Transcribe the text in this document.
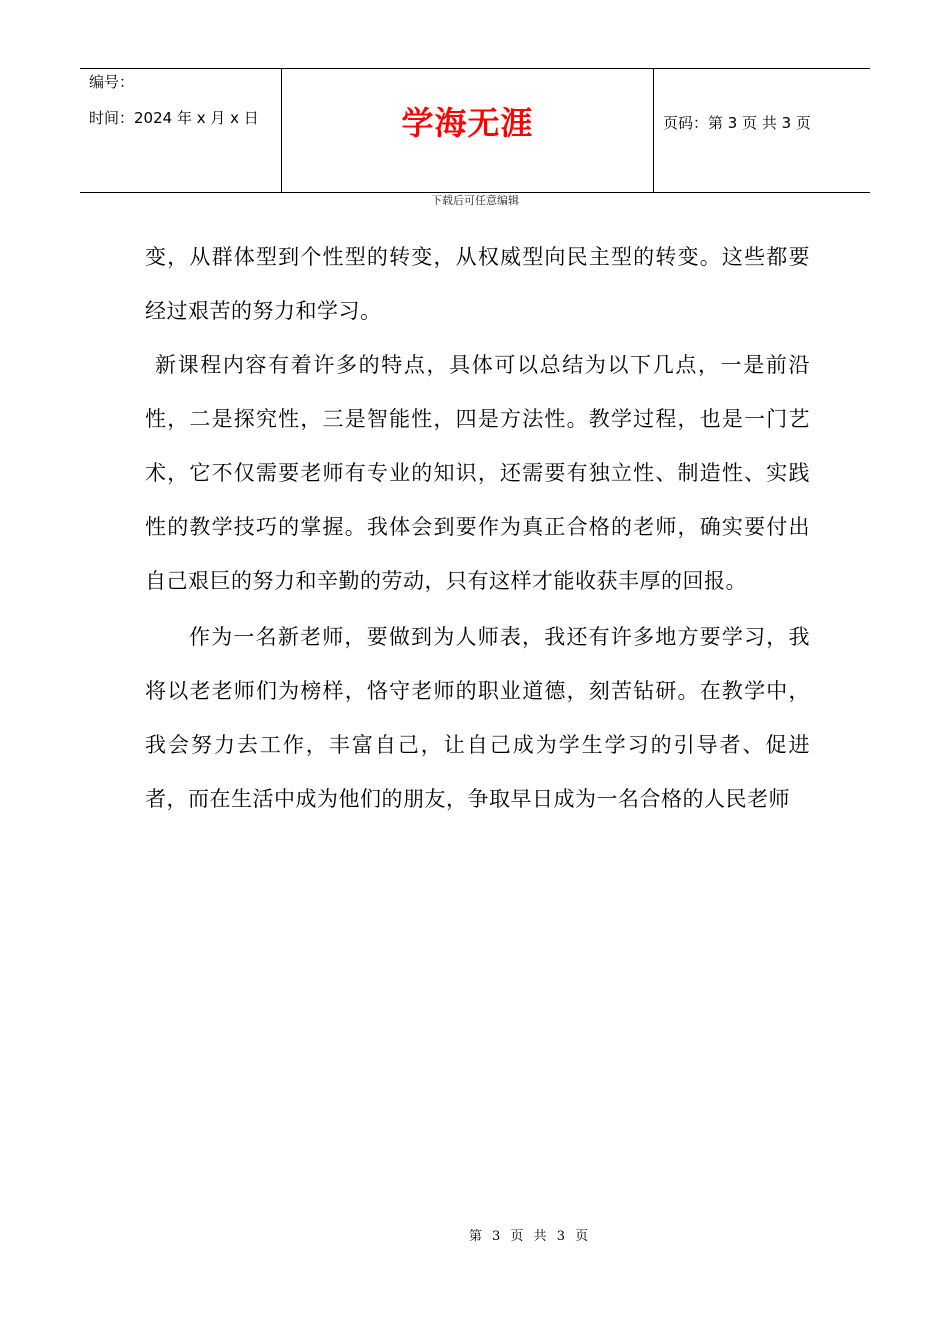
编号：
时间：2024 年 x 月 x 日	学海无涯	页码：第 3 页 共 3 页
下载后可任意编辑

变，从群体型到个性型的转变，从权威型向民主型的转变。这些都要经过艰苦的努力和学习。

新课程内容有着许多的特点，具体可以总结为以下几点，一是前沿性，二是探究性，三是智能性，四是方法性。教学过程，也是一门艺术，它不仅需要老师有专业的知识，还需要有独立性、制造性、实践性的教学技巧的掌握。我体会到要作为真正合格的老师，确实要付出自己艰巨的努力和辛勤的劳动，只有这样才能收获丰厚的回报。

作为一名新老师，要做到为人师表，我还有许多地方要学习，我将以老老师们为榜样，恪守老师的职业道德，刻苦钻研。在教学中，我会努力去工作，丰富自己，让自己成为学生学习的引导者、促进者，而在生活中成为他们的朋友，争取早日成为一名合格的人民老师

第 3 页 共 3 页
